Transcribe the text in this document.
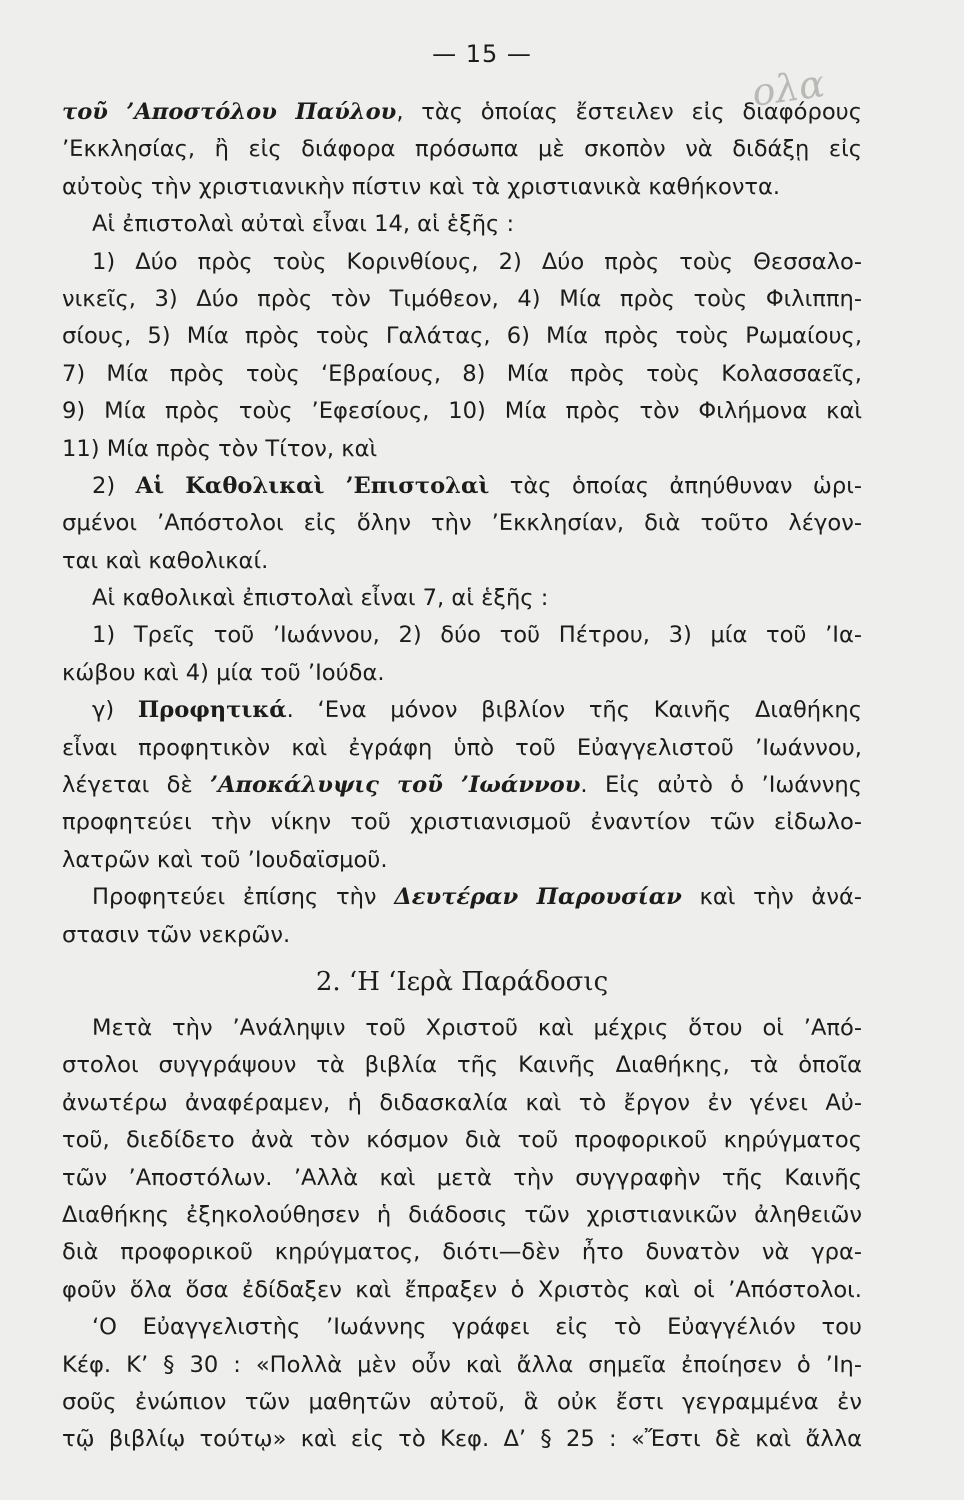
— 15 —
ολα
τοῦ ’Αποστόλου Παύλου, τὰς ὁποίας ἔστειλεν εἰς διαφόρους
’Εκκλησίας, ἢ εἰς διάφορα πρόσωπα μὲ σκοπὸν νὰ διδάξῃ εἰς
αὐτοὺς τὴν χριστιανικὴν πίστιν καὶ τὰ χριστιανικὰ καθήκοντα.
Αἱ ἐπιστολαὶ αὐταὶ εἶναι 14, αἱ ἑξῆς :
1) Δύο πρὸς τοὺς Κορινθίους, 2) Δύο πρὸς τοὺς Θεσσαλο-
νικεῖς, 3) Δύο πρὸς τὸν Τιμόθεον, 4) Μία πρὸς τοὺς Φιλιππη-
σίους, 5) Μία πρὸς τοὺς Γαλάτας, 6) Μία πρὸς τοὺς Ρωμαίους,
7) Μία πρὸς τοὺς ‘Εβραίους, 8) Μία πρὸς τοὺς Κολασσαεῖς,
9) Μία πρὸς τοὺς ’Εφεσίους, 10) Μία πρὸς τὸν Φιλήμονα καὶ
11) Μία πρὸς τὸν Τίτον, καὶ
2) Αἱ Καθολικαὶ ’Επιστολαὶ τὰς ὁποίας ἀπηύθυναν ὡρι-
σμένοι ’Απόστολοι εἰς ὅλην τὴν ’Εκκλησίαν, διὰ τοῦτο λέγον-
ται καὶ καθολικαί.
Αἱ καθολικαὶ ἐπιστολαὶ εἶναι 7, αἱ ἑξῆς :
1) Τρεῖς τοῦ ’Ιωάννου, 2) δύο τοῦ Πέτρου, 3) μία τοῦ ’Ια-
κώβου καὶ 4) μία τοῦ ’Ιούδα.
γ) Προφητικά. ‘Ενα μόνον βιβλίον τῆς Καινῆς Διαθήκης
εἶναι προφητικὸν καὶ ἐγράφη ὑπὸ τοῦ Εὐαγγελιστοῦ ’Ιωάννου,
λέγεται δὲ ’Αποκάλυψις τοῦ ’Ιωάννου. Εἰς αὐτὸ ὁ ’Ιωάννης
προφητεύει τὴν νίκην τοῦ χριστιανισμοῦ ἐναντίον τῶν εἰδωλο-
λατρῶν καὶ τοῦ ’Ιουδαϊσμοῦ.
Προφητεύει ἐπίσης τὴν Δευτέραν Παρουσίαν καὶ τὴν ἀνά-
στασιν τῶν νεκρῶν.
2. ‘Η ‘Ιερὰ Παράδοσις
Μετὰ τὴν ’Ανάληψιν τοῦ Χριστοῦ καὶ μέχρις ὅτου οἱ ’Από-
στολοι συγγράψουν τὰ βιβλία τῆς Καινῆς Διαθήκης, τὰ ὁποῖα
ἀνωτέρω ἀναφέραμεν, ἡ διδασκαλία καὶ τὸ ἔργον ἐν γένει Αὐ-
τοῦ, διεδίδετο ἀνὰ τὸν κόσμον διὰ τοῦ προφορικοῦ κηρύγματος
τῶν ’Αποστόλων. ’Αλλὰ καὶ μετὰ τὴν συγγραφὴν τῆς Καινῆς
Διαθήκης ἐξηκολούθησεν ἡ διάδοσις τῶν χριστιανικῶν ἀληθειῶν
διὰ προφορικοῦ κηρύγματος, διότι—δὲν ἦτο δυνατὸν νὰ γρα-
φοῦν ὅλα ὅσα ἐδίδαξεν καὶ ἔπραξεν ὁ Χριστὸς καὶ οἱ ’Απόστολοι.
‘Ο Εὐαγγελιστὴς ’Ιωάννης γράφει εἰς τὸ Εὐαγγέλιόν του
Κέφ. Κ’ § 30 : «Πολλὰ μὲν οὖν καὶ ἄλλα σημεῖα ἐποίησεν ὁ ’Ιη-
σοῦς ἐνώπιον τῶν μαθητῶν αὐτοῦ, ἃ οὐκ ἔστι γεγραμμένα ἐν
τῷ βιβλίῳ τούτῳ» καὶ εἰς τὸ Κεφ. Δ’ § 25 : «Ἔστι δὲ καὶ ἄλλα
